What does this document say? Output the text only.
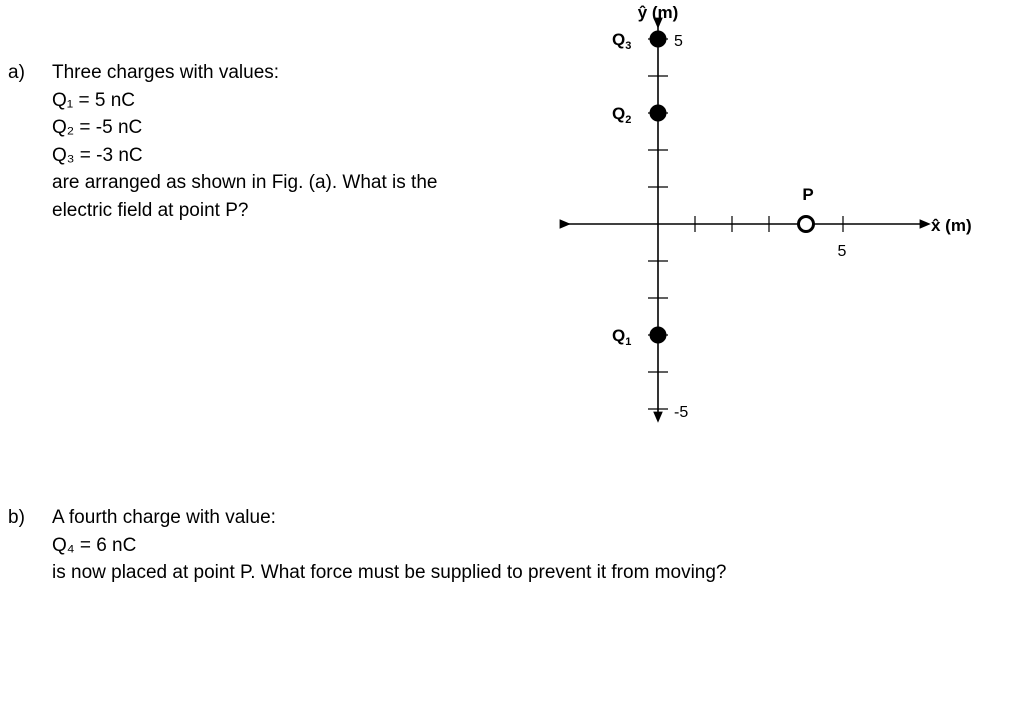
a)	Three charges with values:
Q₁ = 5 nC
Q₂ = -5 nC
Q₃ = -3 nC
are arranged as shown in Fig. (a). What is the
electric field at point P?
b)	A fourth charge with value:
Q₄ = 6 nC
is now placed at point P. What force must be supplied to prevent it from moving?
x̂ (m)
ŷ (m)
5
5
-5
P
$Q_1$
$Q_2$
$Q_3$
